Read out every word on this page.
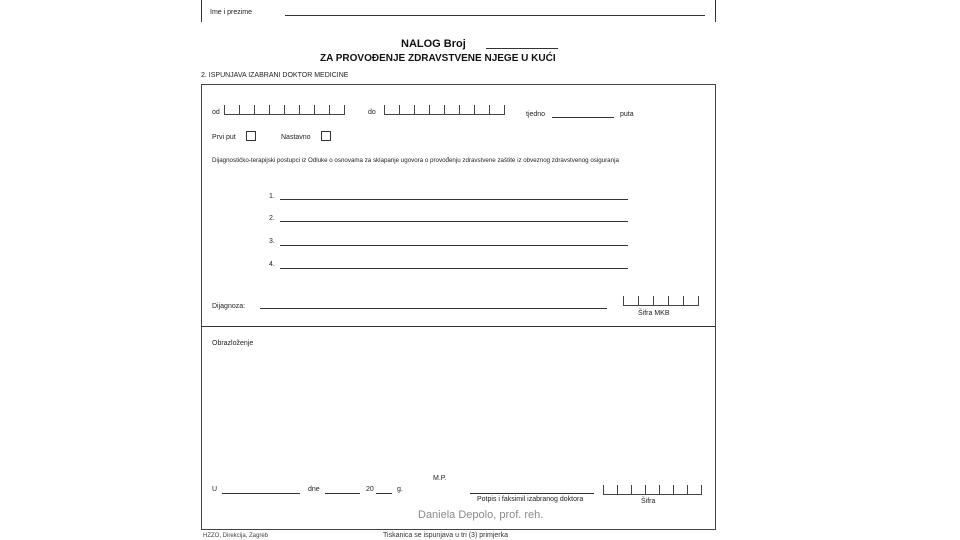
Ime i prezime
NALOG Broj
ZA PROVOĐENJE ZDRAVSTVENE NJEGE U KUĆI
2. ISPUNJAVA IZABRANI DOKTOR MEDICINE
od	do	tjedno	puta
Prvi put	Nastavno
Dijagnostičko-terapijski postupci iz Odluke o osnovama za sklapanje ugovora o provođenju zdravstvene zaštite iz obveznog zdravstvenog osiguranja
1.
2.
3.
4.
Dijagnoza:
Šifra MKB
Obrazloženje
U	dne	20	g.
M.P.
Potpis i faksimil izabranog doktora	Šifra
Daniela Depolo, prof. reh.
HZZO, Direkcija, Zagreb	Tiskanica se ispunjava u tri (3) primjerka
